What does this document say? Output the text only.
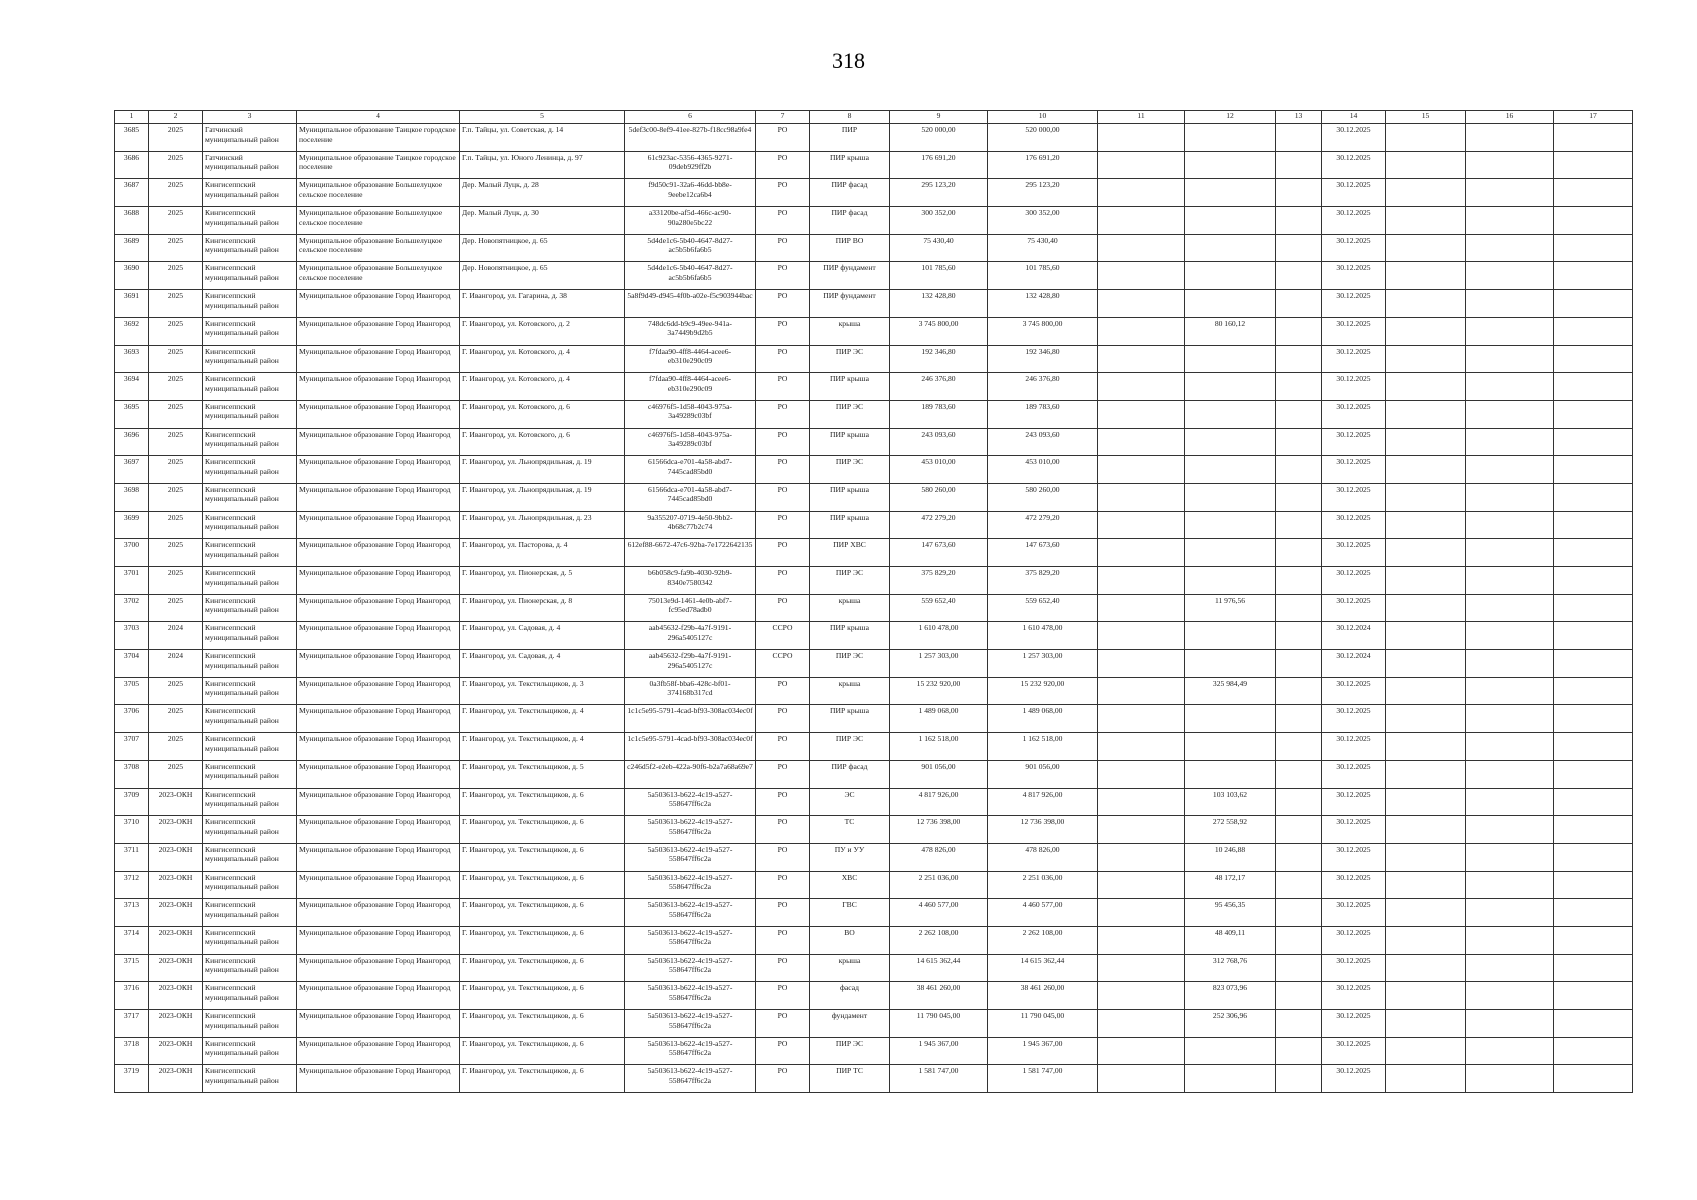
318
1	2	3	4	5	6	7	8	9	10	11	12	13	14	15	16	17
3685	2025	Гатчинский муниципальный район	Муниципальное образование Таицкое городское поселение	Г.п. Тайцы, ул. Советская, д. 14	5def3c00-8ef9-41ee-827b-f18cc98a9fe4	РО	ПИР	520 000,00	520 000,00				30.12.2025			
3686	2025	Гатчинский муниципальный район	Муниципальное образование Таицкое городское поселение	Г.п. Тайцы, ул. Юного Ленинца, д. 97	61c923ac-5356-4365-9271-09deb929ff2b	РО	ПИР крыша	176 691,20	176 691,20				30.12.2025			
3687	2025	Кингисеппский муниципальный район	Муниципальное образование Большелуцкое сельское поселение	Дер. Малый Луцк, д. 28	f9d50c91-32a6-46dd-bb8e-9eebe12ca6b4	РО	ПИР фасад	295 123,20	295 123,20				30.12.2025			
3688	2025	Кингисеппский муниципальный район	Муниципальное образование Большелуцкое сельское поселение	Дер. Малый Луцк, д. 30	a33120be-af5d-466c-ac90-90a280e5bc22	РО	ПИР фасад	300 352,00	300 352,00				30.12.2025			
3689	2025	Кингисеппский муниципальный район	Муниципальное образование Большелуцкое сельское поселение	Дер. Новопятницкое, д. 65	5d4de1c6-5b40-4647-8d27-ac5b5b6fa6b5	РО	ПИР ВО	75 430,40	75 430,40				30.12.2025			
3690	2025	Кингисеппский муниципальный район	Муниципальное образование Большелуцкое сельское поселение	Дер. Новопятницкое, д. 65	5d4de1c6-5b40-4647-8d27-ac5b5b6fa6b5	РО	ПИР фундамент	101 785,60	101 785,60				30.12.2025			
3691	2025	Кингисеппский муниципальный район	Муниципальное образование Город Ивангород	Г. Ивангород, ул. Гагарина, д. 38	5a8f9d49-d945-4f0b-a02e-f5c903944bac	РО	ПИР фундамент	132 428,80	132 428,80				30.12.2025			
3692	2025	Кингисеппский муниципальный район	Муниципальное образование Город Ивангород	Г. Ивангород, ул. Котовского, д. 2	748dc6dd-b9c9-49ee-941a-3a7449b9d2b5	РО	крыша	3 745 800,00	3 745 800,00		80 160,12		30.12.2025			
3693	2025	Кингисеппский муниципальный район	Муниципальное образование Город Ивангород	Г. Ивангород, ул. Котовского, д. 4	f7fdaa90-4ff8-4464-acee6-eb310e290c09	РО	ПИР ЭС	192 346,80	192 346,80				30.12.2025			
3694	2025	Кингисеппский муниципальный район	Муниципальное образование Город Ивангород	Г. Ивангород, ул. Котовского, д. 4	f7fdaa90-4ff8-4464-acee6-eb310e290c09	РО	ПИР крыша	246 376,80	246 376,80				30.12.2025			
3695	2025	Кингисеппский муниципальный район	Муниципальное образование Город Ивангород	Г. Ивангород, ул. Котовского, д. 6	c46976f5-1d58-4043-975a-3a49289c03bf	РО	ПИР ЭС	189 783,60	189 783,60				30.12.2025			
3696	2025	Кингисеппский муниципальный район	Муниципальное образование Город Ивангород	Г. Ивангород, ул. Котовского, д. 6	c46976f5-1d58-4043-975a-3a49289c03bf	РО	ПИР крыша	243 093,60	243 093,60				30.12.2025			
3697	2025	Кингисеппский муниципальный район	Муниципальное образование Город Ивангород	Г. Ивангород, ул. Льнопрядильная, д. 19	61566dca-e701-4a58-abd7-7445cad85bd0	РО	ПИР ЭС	453 010,00	453 010,00				30.12.2025			
3698	2025	Кингисеппский муниципальный район	Муниципальное образование Город Ивангород	Г. Ивангород, ул. Льнопрядильная, д. 19	61566dca-e701-4a58-abd7-7445cad85bd0	РО	ПИР крыша	580 260,00	580 260,00				30.12.2025			
3699	2025	Кингисеппский муниципальный район	Муниципальное образование Город Ивангород	Г. Ивангород, ул. Льнопрядильная, д. 23	9a355207-0719-4e50-9bb2-4b68c77b2c74	РО	ПИР крыша	472 279,20	472 279,20				30.12.2025			
3700	2025	Кингисеппский муниципальный район	Муниципальное образование Город Ивангород	Г. Ивангород, ул. Пасторова, д. 4	612ef88-6672-47c6-92ba-7e1722642135	РО	ПИР ХВС	147 673,60	147 673,60				30.12.2025			
3701	2025	Кингисеппский муниципальный район	Муниципальное образование Город Ивангород	Г. Ивангород, ул. Пионерская, д. 5	b6b058c9-fa9b-4030-92b9-8340e7580342	РО	ПИР ЭС	375 829,20	375 829,20				30.12.2025			
3702	2025	Кингисеппский муниципальный район	Муниципальное образование Город Ивангород	Г. Ивангород, ул. Пионерская, д. 8	75013e9d-1461-4e0b-abf7-fc95ed78adb0	РО	крыша	559 652,40	559 652,40		11 976,56		30.12.2025			
3703	2024	Кингисеппский муниципальный район	Муниципальное образование Город Ивангород	Г. Ивангород, ул. Садовая, д. 4	aab45632-f29b-4a7f-9191-296a5405127c	ССРО	ПИР крыша	1 610 478,00	1 610 478,00				30.12.2024			
3704	2024	Кингисеппский муниципальный район	Муниципальное образование Город Ивангород	Г. Ивангород, ул. Садовая, д. 4	aab45632-f29b-4a7f-9191-296a5405127c	ССРО	ПИР ЭС	1 257 303,00	1 257 303,00				30.12.2024			
3705	2025	Кингисеппский муниципальный район	Муниципальное образование Город Ивангород	Г. Ивангород, ул. Текстильщиков, д. 3	0a3fb58f-bba6-428c-bf01-374168b317cd	РО	крыша	15 232 920,00	15 232 920,00		325 984,49		30.12.2025			
3706	2025	Кингисеппский муниципальный район	Муниципальное образование Город Ивангород	Г. Ивангород, ул. Текстильщиков, д. 4	1c1c5e95-5791-4cad-bf93-308ac034ec0f	РО	ПИР крыша	1 489 068,00	1 489 068,00				30.12.2025			
3707	2025	Кингисеппский муниципальный район	Муниципальное образование Город Ивангород	Г. Ивангород, ул. Текстильщиков, д. 4	1c1c5e95-5791-4cad-bf93-308ac034ec0f	РО	ПИР ЭС	1 162 518,00	1 162 518,00				30.12.2025			
3708	2025	Кингисеппский муниципальный район	Муниципальное образование Город Ивангород	Г. Ивангород, ул. Текстильщиков, д. 5	c246d5f2-e2eb-422a-90f6-b2a7a68a69e7	РО	ПИР фасад	901 056,00	901 056,00				30.12.2025			
3709	2023-ОКН	Кингисеппский муниципальный район	Муниципальное образование Город Ивангород	Г. Ивангород, ул. Текстильщиков, д. 6	5a503613-b622-4c19-a527-558647ff6c2a	РО	ЭС	4 817 926,00	4 817 926,00		103 103,62		30.12.2025			
3710	2023-ОКН	Кингисеппский муниципальный район	Муниципальное образование Город Ивангород	Г. Ивангород, ул. Текстильщиков, д. 6	5a503613-b622-4c19-a527-558647ff6c2a	РО	ТС	12 736 398,00	12 736 398,00		272 558,92		30.12.2025			
3711	2023-ОКН	Кингисеппский муниципальный район	Муниципальное образование Город Ивангород	Г. Ивангород, ул. Текстильщиков, д. 6	5a503613-b622-4c19-a527-558647ff6c2a	РО	ПУ и УУ	478 826,00	478 826,00		10 246,88		30.12.2025			
3712	2023-ОКН	Кингисеппский муниципальный район	Муниципальное образование Город Ивангород	Г. Ивангород, ул. Текстильщиков, д. 6	5a503613-b622-4c19-a527-558647ff6c2a	РО	ХВС	2 251 036,00	2 251 036,00		48 172,17		30.12.2025			
3713	2023-ОКН	Кингисеппский муниципальный район	Муниципальное образование Город Ивангород	Г. Ивангород, ул. Текстильщиков, д. 6	5a503613-b622-4c19-a527-558647ff6c2a	РО	ГВС	4 460 577,00	4 460 577,00		95 456,35		30.12.2025			
3714	2023-ОКН	Кингисеппский муниципальный район	Муниципальное образование Город Ивангород	Г. Ивангород, ул. Текстильщиков, д. 6	5a503613-b622-4c19-a527-558647ff6c2a	РО	ВО	2 262 108,00	2 262 108,00		48 409,11		30.12.2025			
3715	2023-ОКН	Кингисеппский муниципальный район	Муниципальное образование Город Ивангород	Г. Ивангород, ул. Текстильщиков, д. 6	5a503613-b622-4c19-a527-558647ff6c2a	РО	крыша	14 615 362,44	14 615 362,44		312 768,76		30.12.2025			
3716	2023-ОКН	Кингисеппский муниципальный район	Муниципальное образование Город Ивангород	Г. Ивангород, ул. Текстильщиков, д. 6	5a503613-b622-4c19-a527-558647ff6c2a	РО	фасад	38 461 260,00	38 461 260,00		823 073,96		30.12.2025			
3717	2023-ОКН	Кингисеппский муниципальный район	Муниципальное образование Город Ивангород	Г. Ивангород, ул. Текстильщиков, д. 6	5a503613-b622-4c19-a527-558647ff6c2a	РО	фундамент	11 790 045,00	11 790 045,00		252 306,96		30.12.2025			
3718	2023-ОКН	Кингисеппский муниципальный район	Муниципальное образование Город Ивангород	Г. Ивангород, ул. Текстильщиков, д. 6	5a503613-b622-4c19-a527-558647ff6c2a	РО	ПИР ЭС	1 945 367,00	1 945 367,00				30.12.2025			
3719	2023-ОКН	Кингисеппский муниципальный район	Муниципальное образование Город Ивангород	Г. Ивангород, ул. Текстильщиков, д. 6	5a503613-b622-4c19-a527-558647ff6c2a	РО	ПИР ТС	1 581 747,00	1 581 747,00				30.12.2025			
